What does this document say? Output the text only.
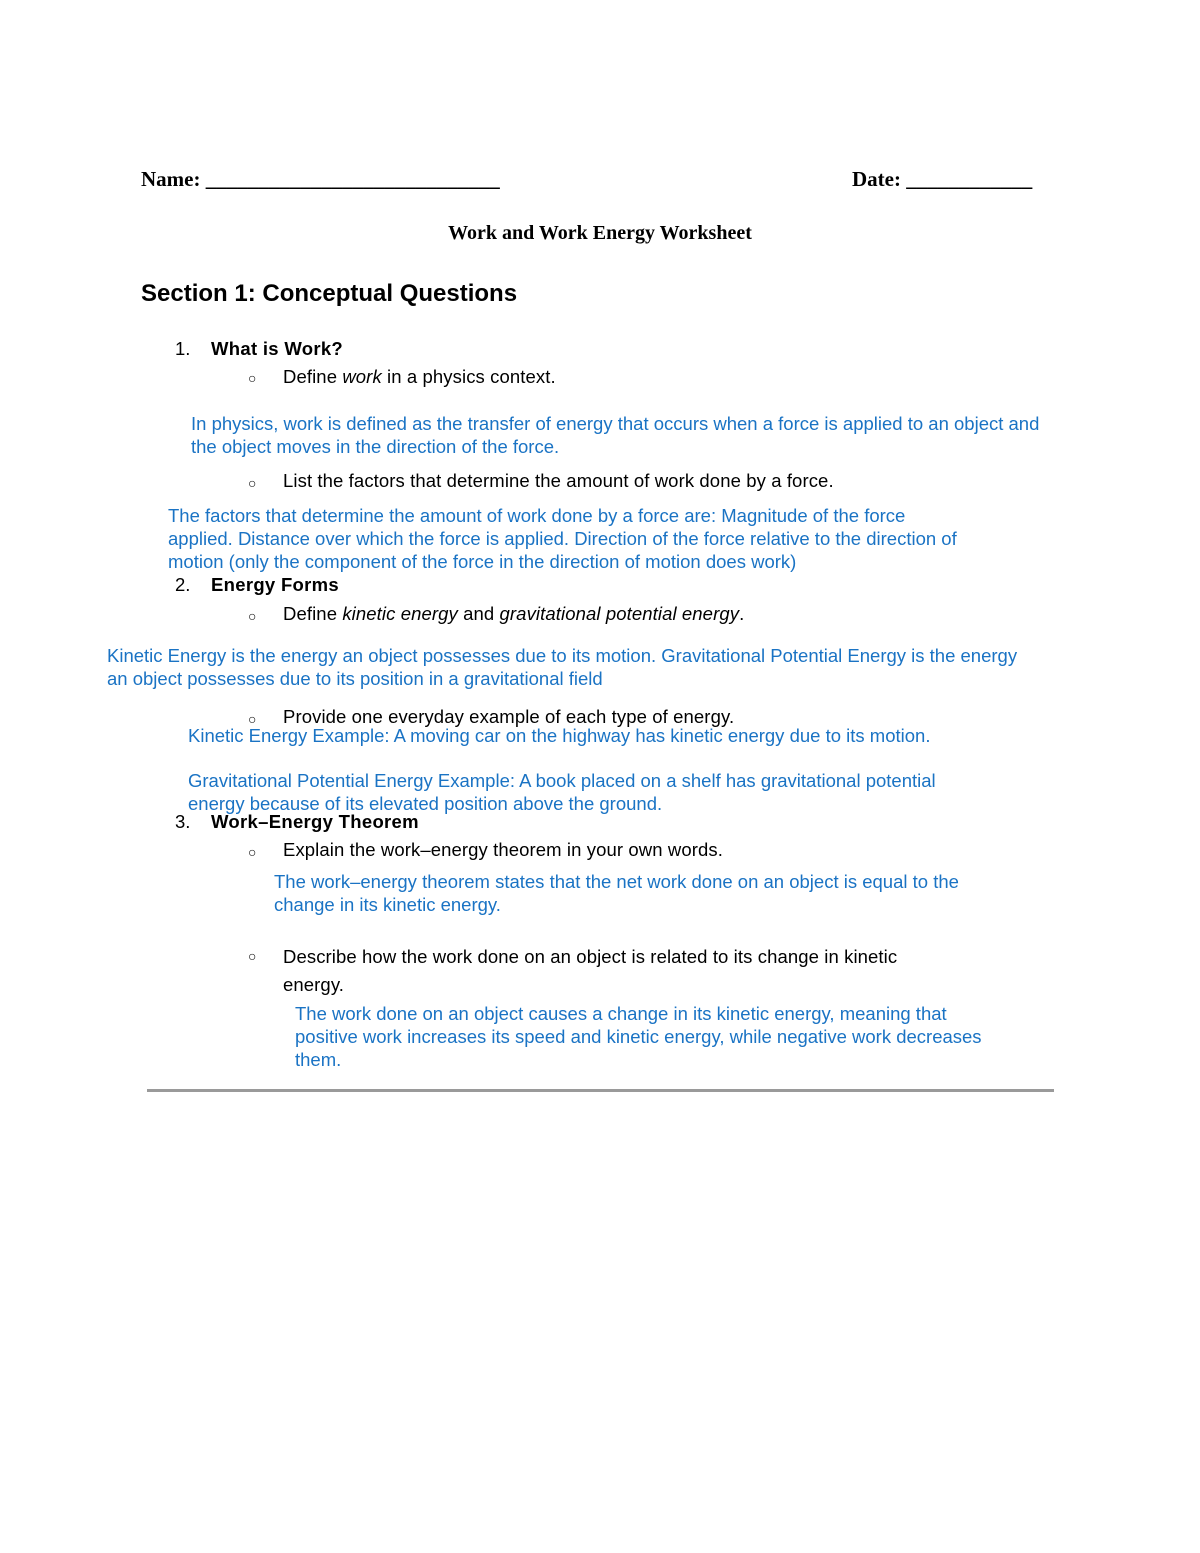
Name: ____________________________	Date: ____________
Work and Work Energy Worksheet
Section 1: Conceptual Questions
1. What is Work?
○ Define work in a physics context.
In physics, work is defined as the transfer of energy that occurs when a force is applied to an object and
the object moves in the direction of the force.
○ List the factors that determine the amount of work done by a force.
The factors that determine the amount of work done by a force are: Magnitude of the force
applied. Distance over which the force is applied. Direction of the force relative to the direction of
motion (only the component of the force in the direction of motion does work)
2. Energy Forms
○ Define kinetic energy and gravitational potential energy.
Kinetic Energy is the energy an object possesses due to its motion. Gravitational Potential Energy is the energy
an object possesses due to its position in a gravitational field
○ Provide one everyday example of each type of energy.
Kinetic Energy Example: A moving car on the highway has kinetic energy due to its motion.
Gravitational Potential Energy Example: A book placed on a shelf has gravitational potential
energy because of its elevated position above the ground.
3. Work–Energy Theorem
○ Explain the work–energy theorem in your own words.
The work–energy theorem states that the net work done on an object is equal to the
change in its kinetic energy.
○ Describe how the work done on an object is related to its change in kinetic
energy.
The work done on an object causes a change in its kinetic energy, meaning that
positive work increases its speed and kinetic energy, while negative work decreases
them.
